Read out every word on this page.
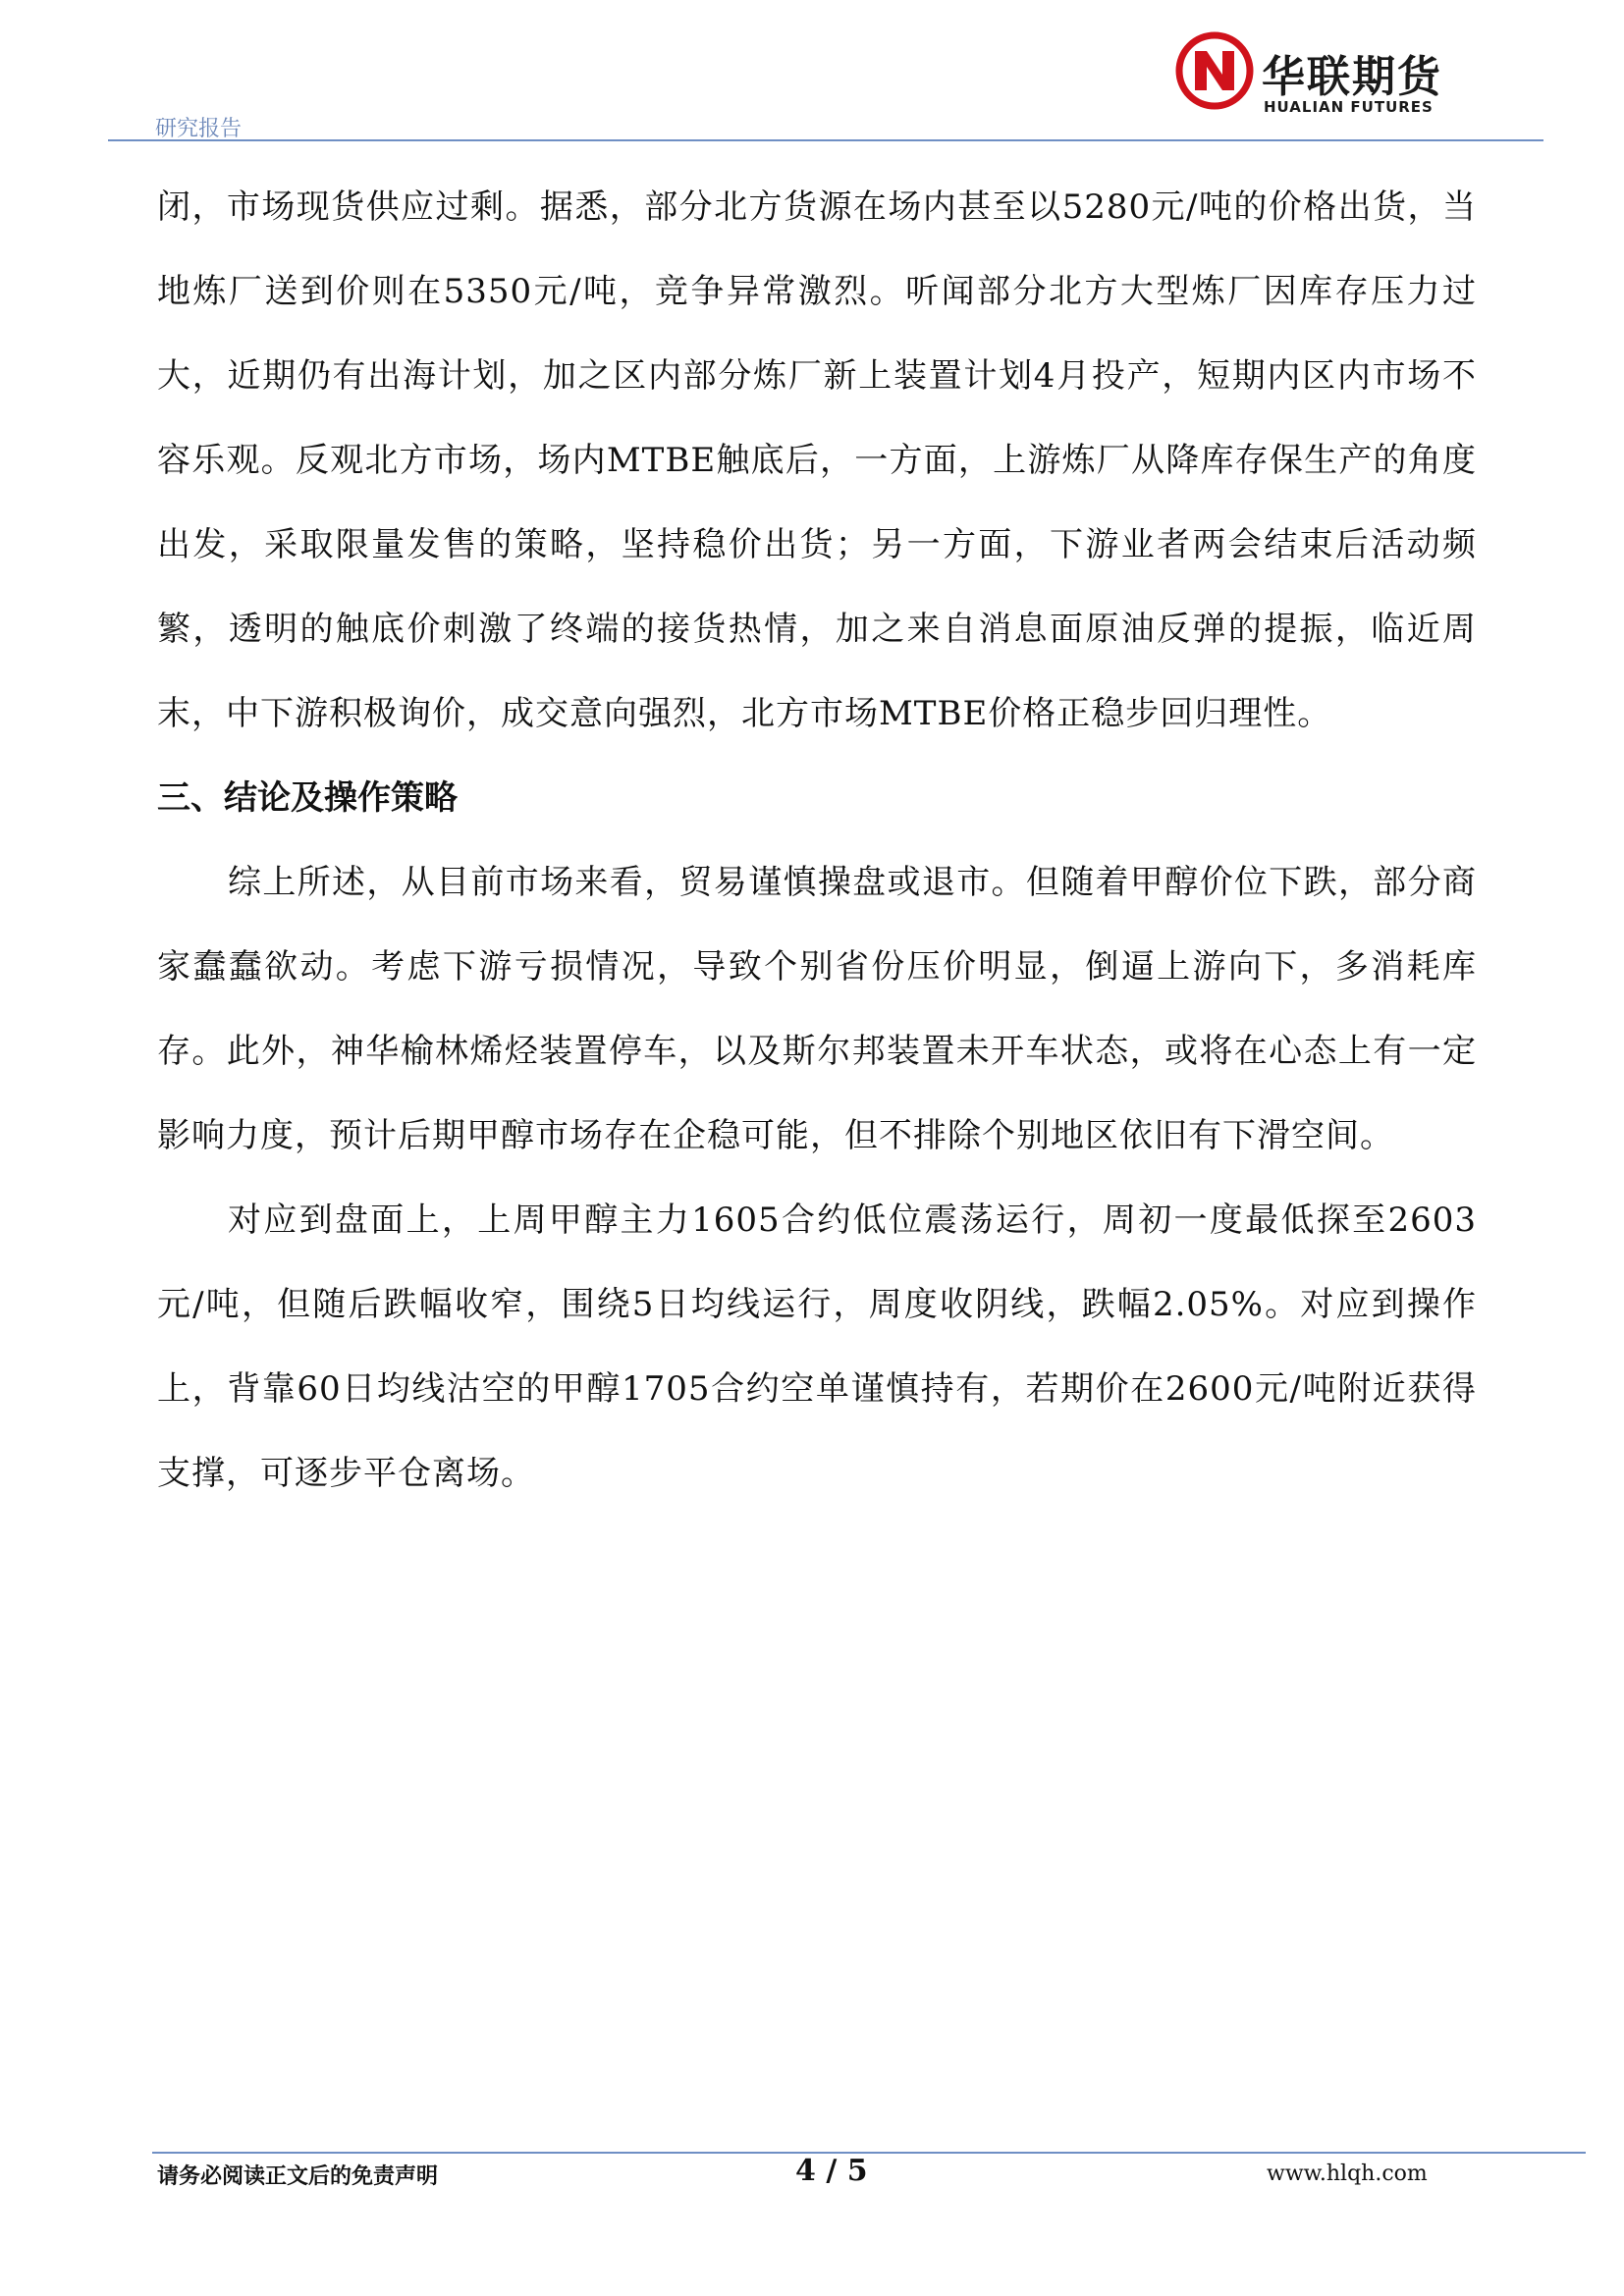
研究报告
华联期货
HUALIAN FUTURES

闭，市场现货供应过剩。据悉，部分北方货源在场内甚至以5280元/吨的价格出货，当地炼厂送到价则在5350元/吨，竞争异常激烈。听闻部分北方大型炼厂因库存压力过大，近期仍有出海计划，加之区内部分炼厂新上装置计划4月投产，短期内区内市场不容乐观。反观北方市场，场内MTBE触底后，一方面，上游炼厂从降库存保生产的角度出发，采取限量发售的策略，坚持稳价出货；另一方面，下游业者两会结束后活动频繁，透明的触底价刺激了终端的接货热情，加之来自消息面原油反弹的提振，临近周末，中下游积极询价，成交意向强烈，北方市场MTBE价格正稳步回归理性。

三、结论及操作策略

综上所述，从目前市场来看，贸易谨慎操盘或退市。但随着甲醇价位下跌，部分商家蠢蠢欲动。考虑下游亏损情况，导致个别省份压价明显，倒逼上游向下，多消耗库存。此外，神华榆林烯烃装置停车，以及斯尔邦装置未开车状态，或将在心态上有一定影响力度，预计后期甲醇市场存在企稳可能，但不排除个别地区依旧有下滑空间。

对应到盘面上，上周甲醇主力1605合约低位震荡运行，周初一度最低探至2603元/吨，但随后跌幅收窄，围绕5日均线运行，周度收阴线，跌幅2.05%。对应到操作上，背靠60日均线沽空的甲醇1705合约空单谨慎持有，若期价在2600元/吨附近获得支撑，可逐步平仓离场。

请务必阅读正文后的免责声明	4 / 5	www.hlqh.com
